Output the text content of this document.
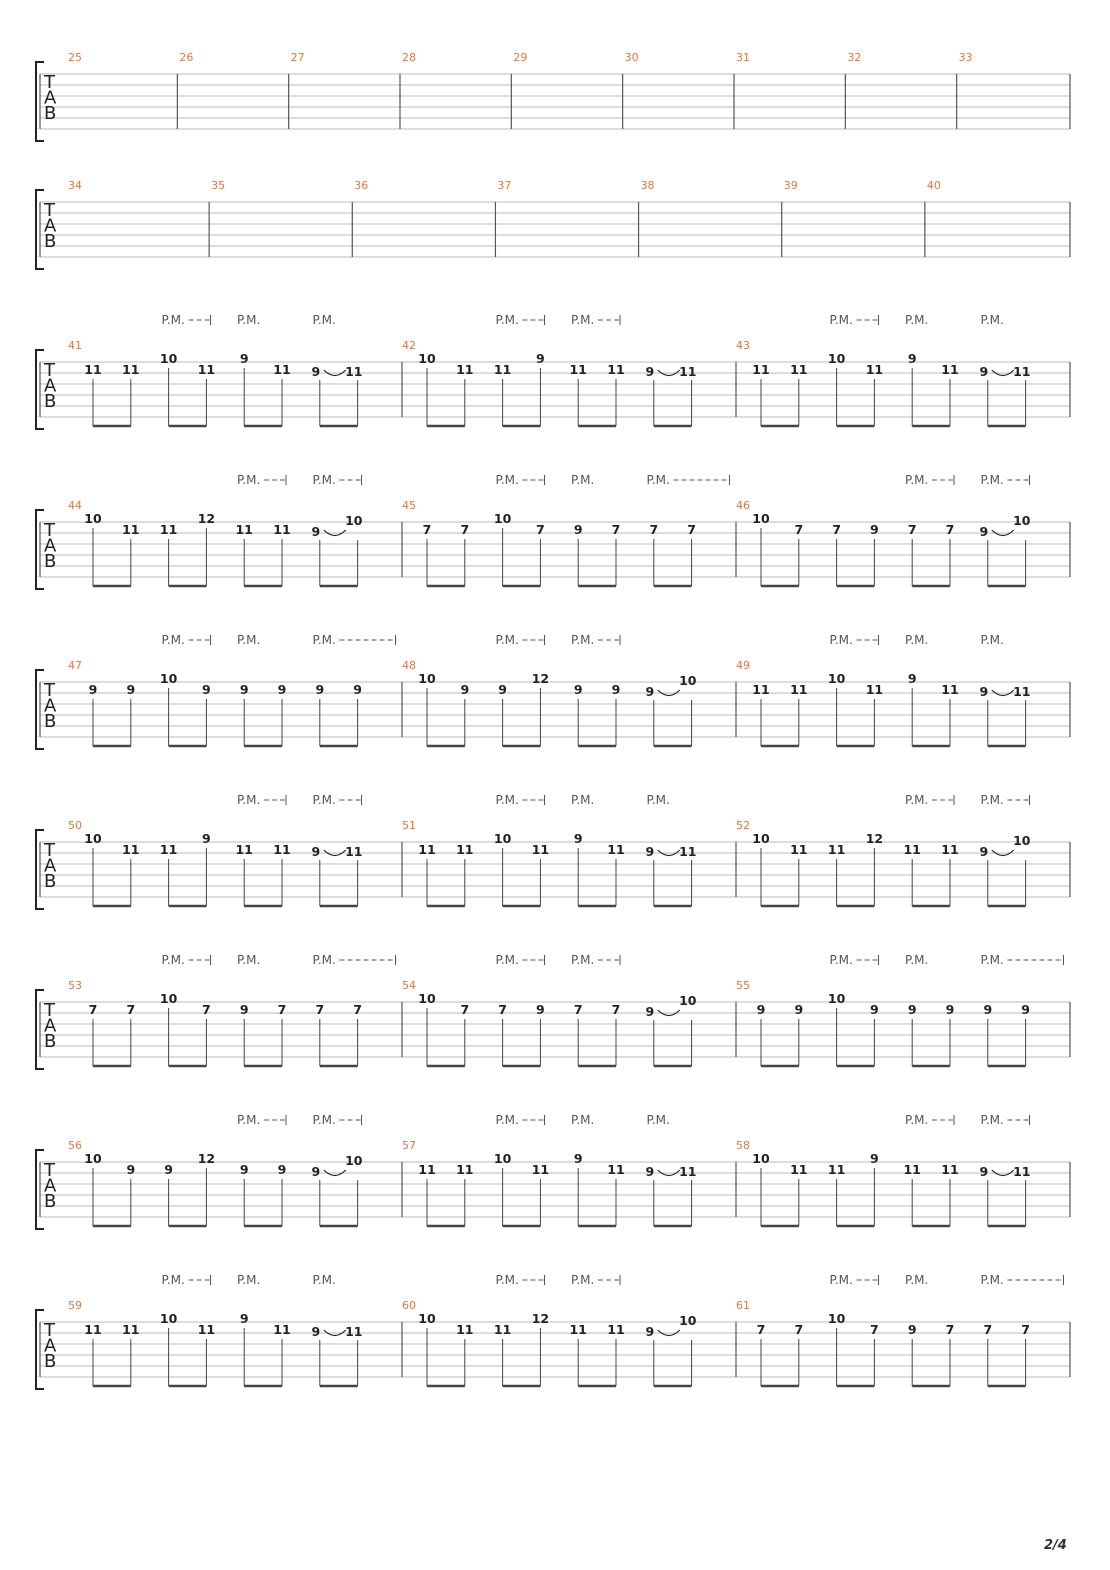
T
A
B
25	26	27	28	29	30	31	32	33
T
A
B
34	35	36	37	38	39	40
T
A
B
41	42	43
P.M.	P.M.	P.M.	P.M.	P.M.	P.M.	P.M.	P.M.
11 11
10
11
9
11 9 11
10
11 11
9
11 11 9 11	11 11
10
11
9
11 9 11
T
A
B
44	45	46
P.M.	P.M.	P.M.	P.M.	P.M.	P.M.	P.M.
10
11 11
12
11 11 9
10
7 7
10
7 9 7 7 7
10
7 7 9 7 7 9
10
T
A
B
47	48	49
P.M.	P.M.	P.M.	P.M.	P.M.	P.M.	P.M.	P.M.
9 9
10
9 9 9 9 9
10
9 9
12
9 9 9
10
11 11
10
11
9
11 9 11
T
A
B
50	51	52
P.M.	P.M.	P.M.	P.M.	P.M.	P.M.	P.M.
10
11 11
9
11 11 9 11	11 11
10
11
9
11 9 11
10
11 11
12
11 11 9
10
T
A
B
53	54	55
P.M.	P.M.	P.M.	P.M.	P.M.	P.M.	P.M.	P.M.
7 7
10
7 9 7 7 7
10
7 7 9 7 7 9
10
9 9
10
9 9 9 9 9
T
A
B
56	57	58
P.M.	P.M.	P.M.	P.M.	P.M.	P.M.	P.M.
10
9 9
12
9 9 9
10
11 11
10
11
9
11 9 11
10
11 11
9
11 11 9 11
T
A
B
59	60	61
P.M.	P.M.	P.M.	P.M.	P.M.	P.M.	P.M.	P.M.
11 11
10
11
9
11 9 11
10
11 11
12
11 11 9
10
7 7
10
7 9 7 7 7
2/4
